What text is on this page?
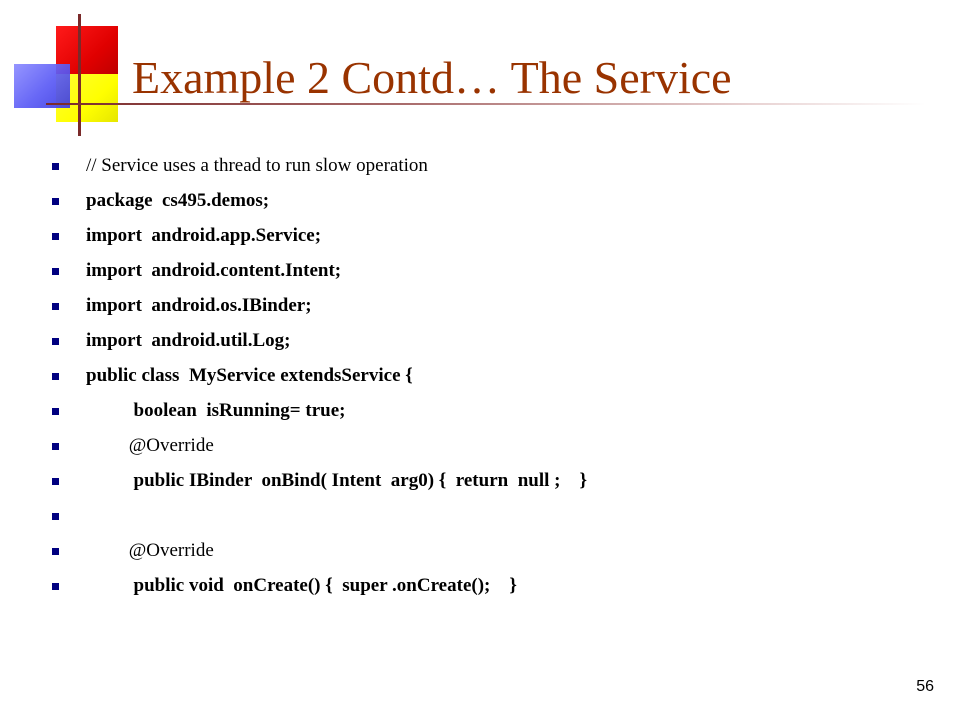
Example 2 Contd… The Service
// Service uses a thread to run slow operation
package  cs495.demos;
import  android.app.Service;
import  android.content.Intent;
import  android.os.IBinder;
import  android.util.Log;
public class  MyService extendsService {
boolean  isRunning= true;
@Override
public IBinder  onBind( Intent  arg0) {  return  null ;    }
@Override
public void  onCreate() {  super .onCreate();    }
56
